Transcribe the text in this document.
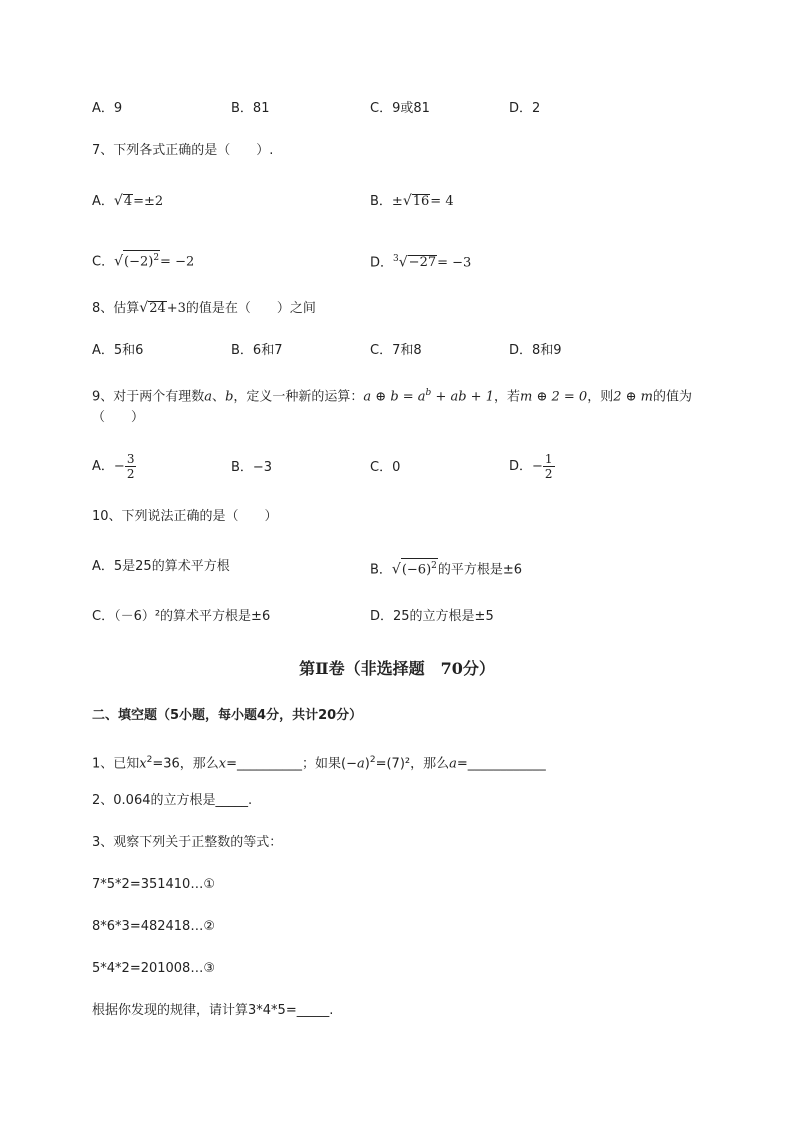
A．9	B．81	C．9或81	D．2
7、下列各式正确的是（　　）.
A．√4=±2	B．±√16= 4
C．$√(-2)^2= -2$	D．$^3$√−27= −3
8、估算√24+3的值是在（　　）之间
A．5和6	B．6和7	C．7和8	D．8和9
9、对于两个有理数a、b，定义一种新的运算：a ⊕ $b = a^b$ + ab + 1，若m ⊕ 2 = 0，则2 ⊕ m的值为
（　　）
A．− $\frac{3}{2}$	B．−3	C．0	D．− $\frac{1}{2}$
10、下列说法正确的是（　　）
A．5是25的算术平方根	B．$√(-6)^2$的平方根是±6
C．（－6）²的算术平方根是±6	D．25的立方根是±5
第Ⅱ卷（非选择题　70分）
二、填空题（5小题，每小题4分，共计20分）
1、已知$x^2=36$，那么x=__________；如果$(-a)^2=(7)^2$，那么a=____________
2、0.064的立方根是_____.
3、观察下列关于正整数的等式：
7*5*2=351410…①
8*6*3=482418…②
5*4*2=201008…③
根据你发现的规律，请计算3*4*5=_____.
